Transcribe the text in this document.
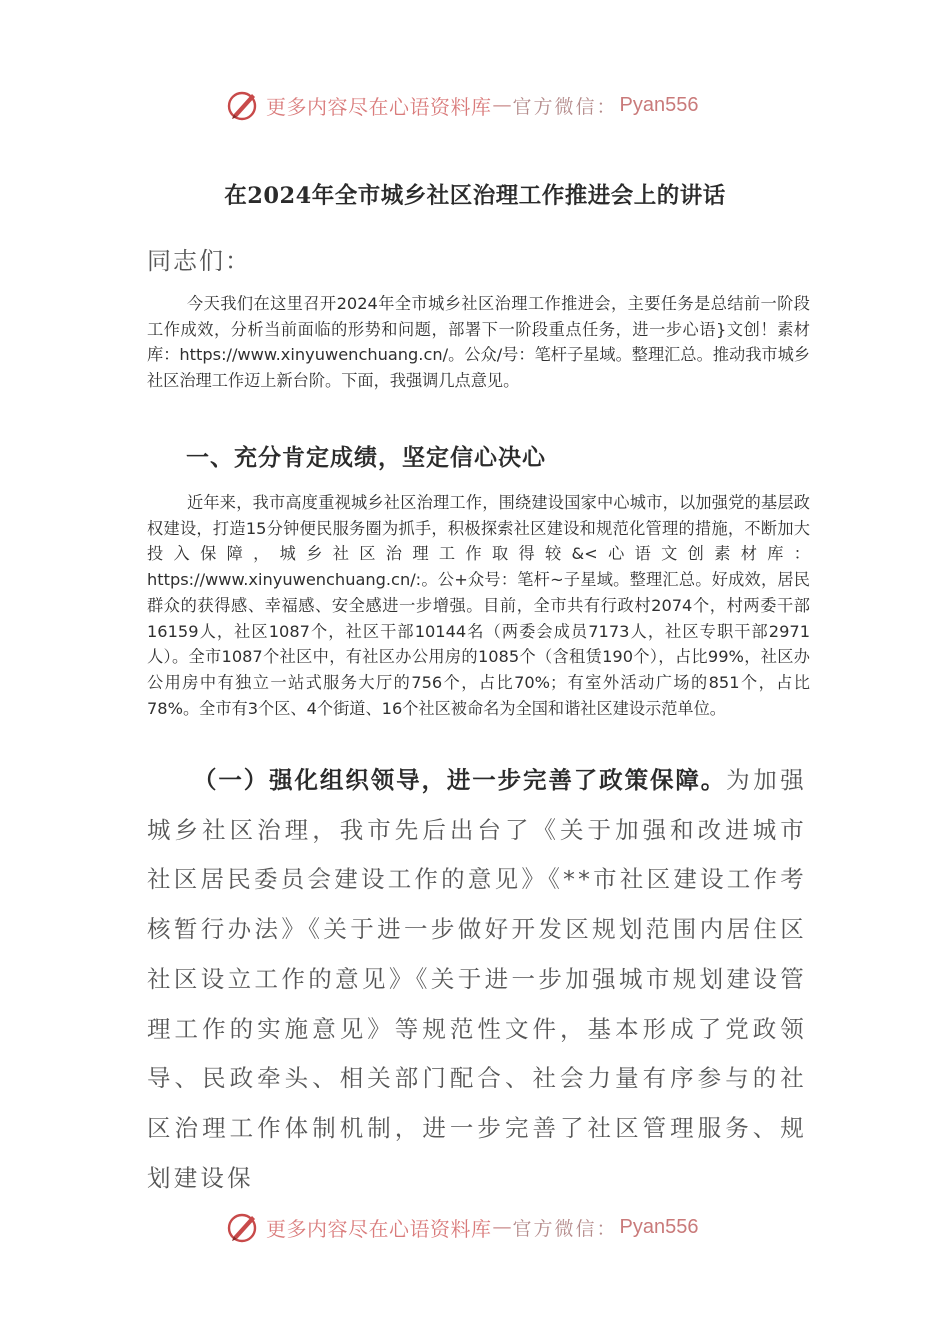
更多内容尽在心语资料库 — 官方微信： Pyan556
在2024年全市城乡社区治理工作推进会上的讲话
同志们：

今天我们在这里召开2024年全市城乡社区治理工作推进会，主要任务是总结前一阶段工作成效，分析当前面临的形势和问题，部署下一阶段重点任务，进一步心语}文创！素材库：https://www.xinyuwenchuang.cn/。公众/号：笔杆子星域。整理汇总。推动我市城乡社区治理工作迈上新台阶。下面，我强调几点意见。

一、充分肯定成绩，坚定信心决心

近年来，我市高度重视城乡社区治理工作，围绕建设国家中心城市，以加强党的基层政权建设，打造15分钟便民服务圈为抓手，积极探索社区建设和规范化管理的措施，不断加大投入保障，城乡社区治理工作取得较&<心语文创素材库：https://www.xinyuwenchuang.cn/:。公+众号：笔杆~子星域。整理汇总。好成效，居民群众的获得感、幸福感、安全感进一步增强。目前，全市共有行政村2074个，村两委干部16159人，社区1087个，社区干部10144名（两委会成员7173人，社区专职干部2971人）。全市1087个社区中，有社区办公用房的1085个（含租赁190个），占比99%，社区办公用房中有独立一站式服务大厅的756个，占比70%；有室外活动广场的851个，占比78%。全市有3个区、4个街道、16个社区被命名为全国和谐社区建设示范单位。

（一）强化组织领导，进一步完善了政策保障。为加强城乡社区治理，我市先后出台了《关于加强和改进城市社区居民委员会建设工作的意见》《**市社区建设工作考核暂行办法》《关于进一步做好开发区规划范围内居住区社区设立工作的意见》《关于进一步加强城市规划建设管理工作的实施意见》等规范性文件，基本形成了党政领导、民政牵头、相关部门配合、社会力量有序参与的社区治理工作体制机制，进一步完善了社区管理服务、规划建设保

更多内容尽在心语资料库 — 官方微信： Pyan556
